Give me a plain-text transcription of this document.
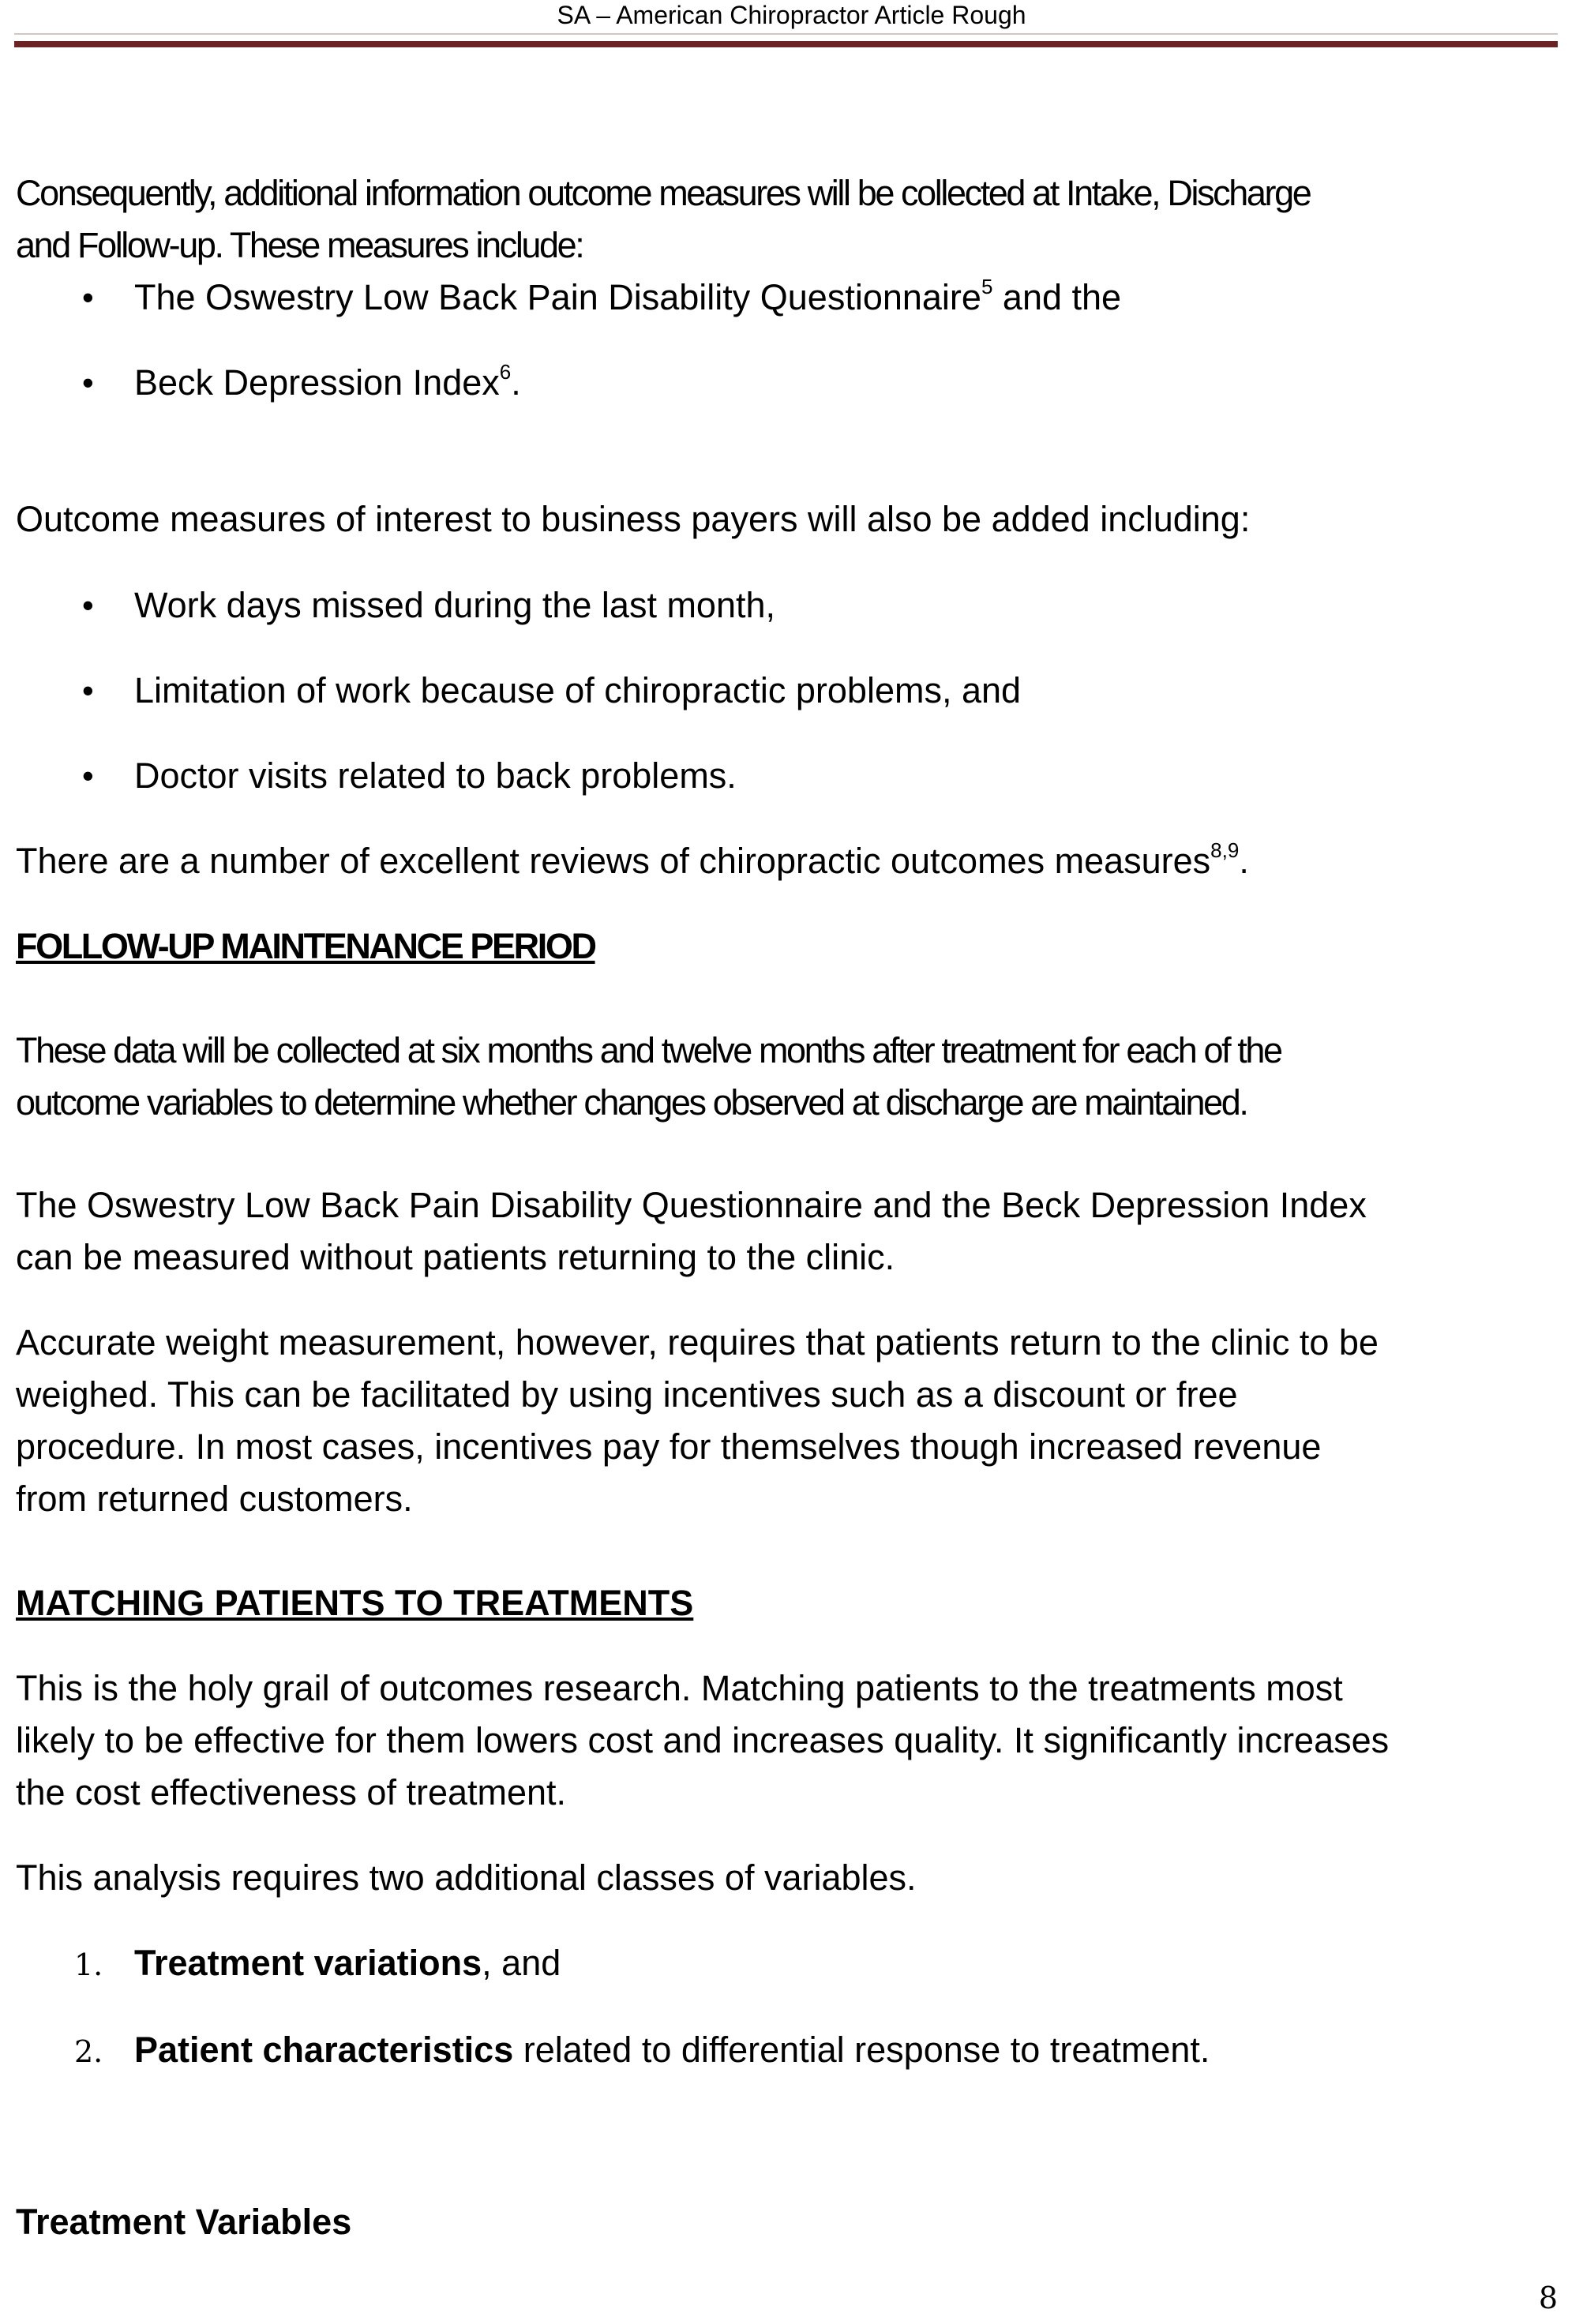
SA – American Chiropractor Article Rough
Consequently, additional information outcome measures will be collected at Intake, Discharge
and Follow-up. These measures include:
• The Oswestry Low Back Pain Disability Questionnaire$^5$ and the
• Beck Depression Index$^6$.
Outcome measures of interest to business payers will also be added including:
• Work days missed during the last month,
• Limitation of work because of chiropractic problems, and
• Doctor visits related to back problems.
There are a number of excellent reviews of chiropractic outcomes measures$^{8,9}$.
FOLLOW-UP MAINTENANCE PERIOD
These data will be collected at six months and twelve months after treatment for each of the
outcome variables to determine whether changes observed at discharge are maintained.
The Oswestry Low Back Pain Disability Questionnaire and the Beck Depression Index
can be measured without patients returning to the clinic.
Accurate weight measurement, however, requires that patients return to the clinic to be
weighed. This can be facilitated by using incentives such as a discount or free
procedure. In most cases, incentives pay for themselves though increased revenue
from returned customers.
MATCHING PATIENTS TO TREATMENTS
This is the holy grail of outcomes research. Matching patients to the treatments most
likely to be effective for them lowers cost and increases quality. It significantly increases
the cost effectiveness of treatment.
This analysis requires two additional classes of variables.
1. Treatment variations, and
2. Patient characteristics related to differential response to treatment.
Treatment Variables
8
